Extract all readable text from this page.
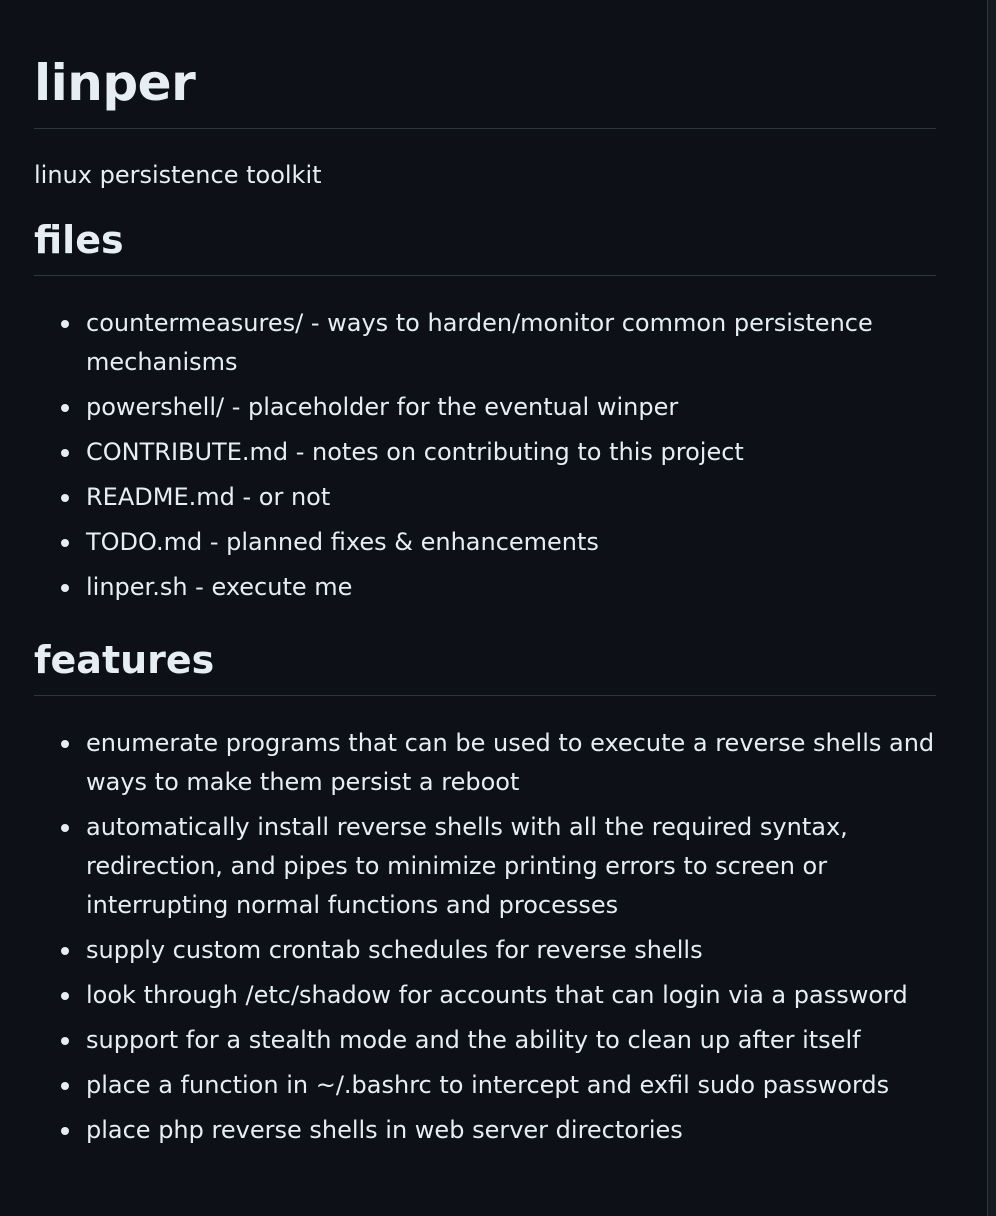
linper

linux persistence toolkit

files
countermeasures/ - ways to harden/monitor common persistence mechanisms
powershell/ - placeholder for the eventual winper
CONTRIBUTE.md - notes on contributing to this project
README.md - or not
TODO.md - planned fixes & enhancements
linper.sh - execute me
features
enumerate programs that can be used to execute a reverse shells and ways to make them persist a reboot
automatically install reverse shells with all the required syntax, redirection, and pipes to minimize printing errors to screen or interrupting normal functions and processes
supply custom crontab schedules for reverse shells
look through /etc/shadow for accounts that can login via a password
support for a stealth mode and the ability to clean up after itself
place a function in ~/.bashrc to intercept and exfil sudo passwords
place php reverse shells in web server directories
